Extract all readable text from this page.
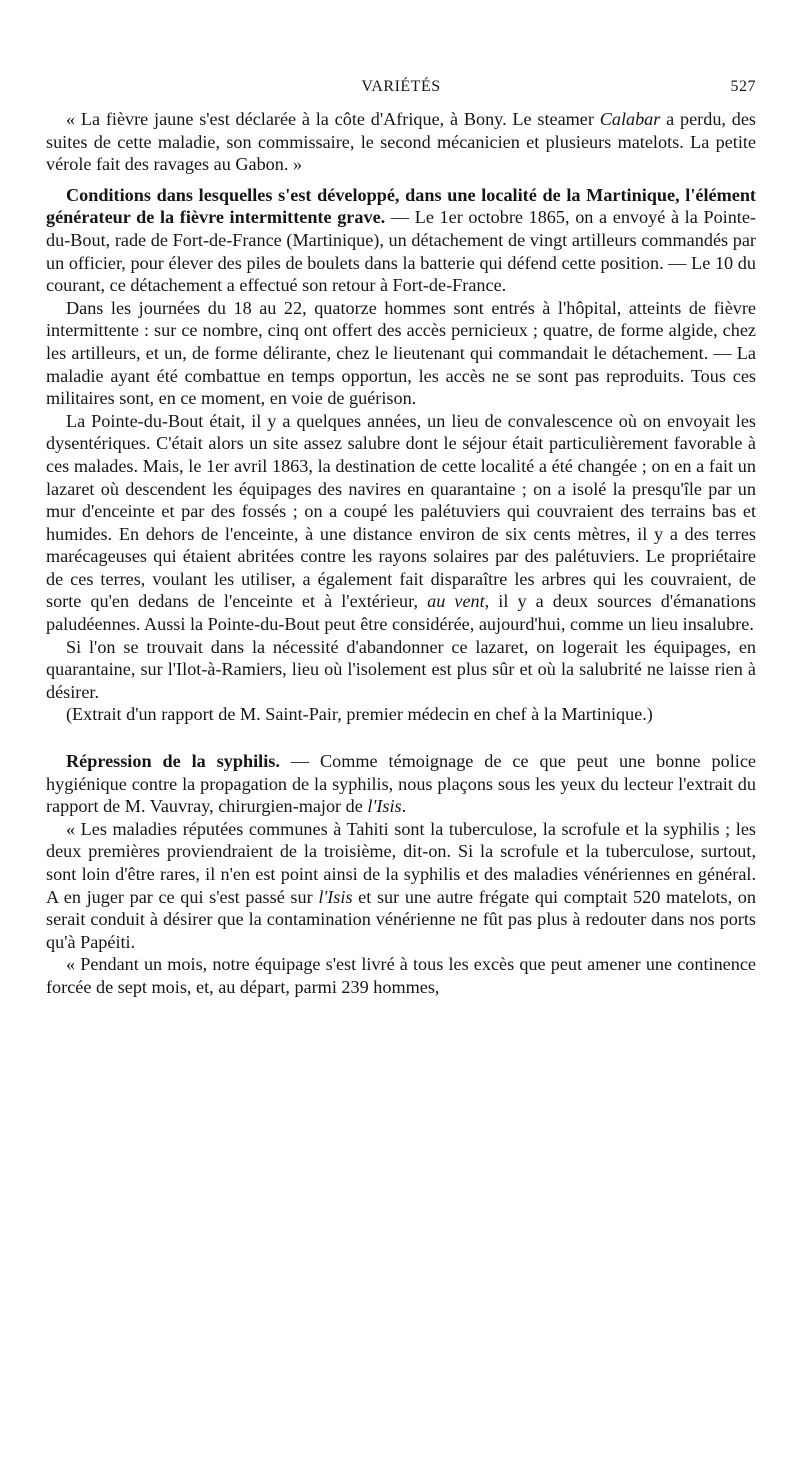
VARIÉTÉS	527

« La fièvre jaune s'est déclarée à la côte d'Afrique, à Bony. Le steamer Calabar a perdu, des suites de cette maladie, son commissaire, le second mécanicien et plusieurs matelots. La petite vérole fait des ravages au Gabon. »

Conditions dans lesquelles s'est développé, dans une localité de la Martinique, l'élément générateur de la fièvre intermittente grave. — Le 1er octobre 1865, on a envoyé à la Pointe-du-Bout, rade de Fort-de-France (Martinique), un détachement de vingt artilleurs commandés par un officier, pour élever des piles de boulets dans la batterie qui défend cette position. — Le 10 du courant, ce détachement a effectué son retour à Fort-de-France.

Dans les journées du 18 au 22, quatorze hommes sont entrés à l'hôpital, atteints de fièvre intermittente : sur ce nombre, cinq ont offert des accès pernicieux ; quatre, de forme algide, chez les artilleurs, et un, de forme délirante, chez le lieutenant qui commandait le détachement. — La maladie ayant été combattue en temps opportun, les accès ne se sont pas reproduits. Tous ces militaires sont, en ce moment, en voie de guérison.

La Pointe-du-Bout était, il y a quelques années, un lieu de convalescence où on envoyait les dysentériques. C'était alors un site assez salubre dont le séjour était particulièrement favorable à ces malades. Mais, le 1er avril 1863, la destination de cette localité a été changée ; on en a fait un lazaret où descendent les équipages des navires en quarantaine ; on a isolé la presqu'île par un mur d'enceinte et par des fossés ; on a coupé les palétuviers qui couvraient des terrains bas et humides. En dehors de l'enceinte, à une distance environ de six cents mètres, il y a des terres marécageuses qui étaient abritées contre les rayons solaires par des palétuviers. Le propriétaire de ces terres, voulant les utiliser, a également fait disparaître les arbres qui les couvraient, de sorte qu'en dedans de l'enceinte et à l'extérieur, au vent, il y a deux sources d'émanations paludéennes. Aussi la Pointe-du-Bout peut être considérée, aujourd'hui, comme un lieu insalubre.

Si l'on se trouvait dans la nécessité d'abandonner ce lazaret, on logerait les équipages, en quarantaine, sur l'Ilot-à-Ramiers, lieu où l'isolement est plus sûr et où la salubrité ne laisse rien à désirer.

(Extrait d'un rapport de M. Saint-Pair, premier médecin en chef à la Martinique.)

Répression de la syphilis. — Comme témoignage de ce que peut une bonne police hygiénique contre la propagation de la syphilis, nous plaçons sous les yeux du lecteur l'extrait du rapport de M. Vauvray, chirurgien-major de l'Isis.

« Les maladies réputées communes à Tahiti sont la tuberculose, la scrofule et la syphilis ; les deux premières proviendraient de la troisième, dit-on. Si la scrofule et la tuberculose, surtout, sont loin d'être rares, il n'en est point ainsi de la syphilis et des maladies vénériennes en général. A en juger par ce qui s'est passé sur l'Isis et sur une autre frégate qui comptait 520 matelots, on serait conduit à désirer que la contamination vénérienne ne fût pas plus à redouter dans nos ports qu'à Papéiti.

« Pendant un mois, notre équipage s'est livré à tous les excès que peut amener une continence forcée de sept mois, et, au départ, parmi 239 hommes,
